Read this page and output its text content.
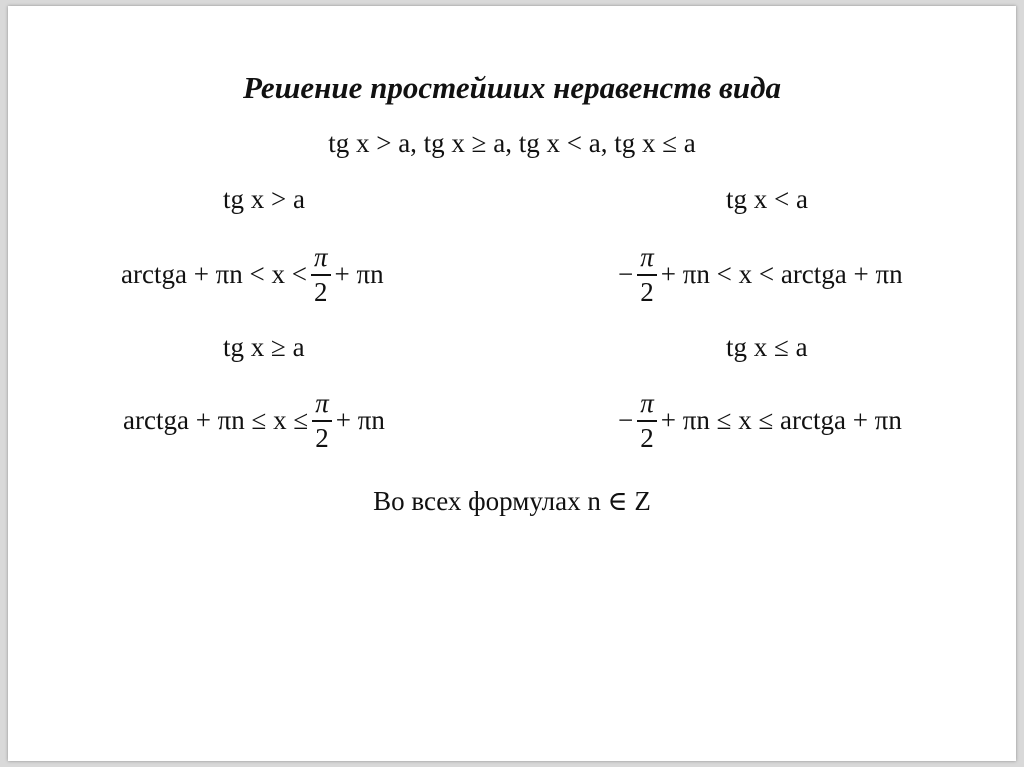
Решение простейших неравенств вида
tg x > a, tg x ≥ a, tg x < a, tg x ≤ a
tg x > a
arctga + $\pi n < x < \frac{\pi}{2} + \pi n$
tg x < a
− $\frac{\pi}{2} + \pi n < x$ < arctga + πn
tg x ≥ a
arctga + $\pi n \le x \le \frac{\pi}{2} + \pi n$
tg x ≤ a
− $\frac{\pi}{2} + \pi n \le x$ ≤ arctga + πn
Во всех формулах n ∈ Z
